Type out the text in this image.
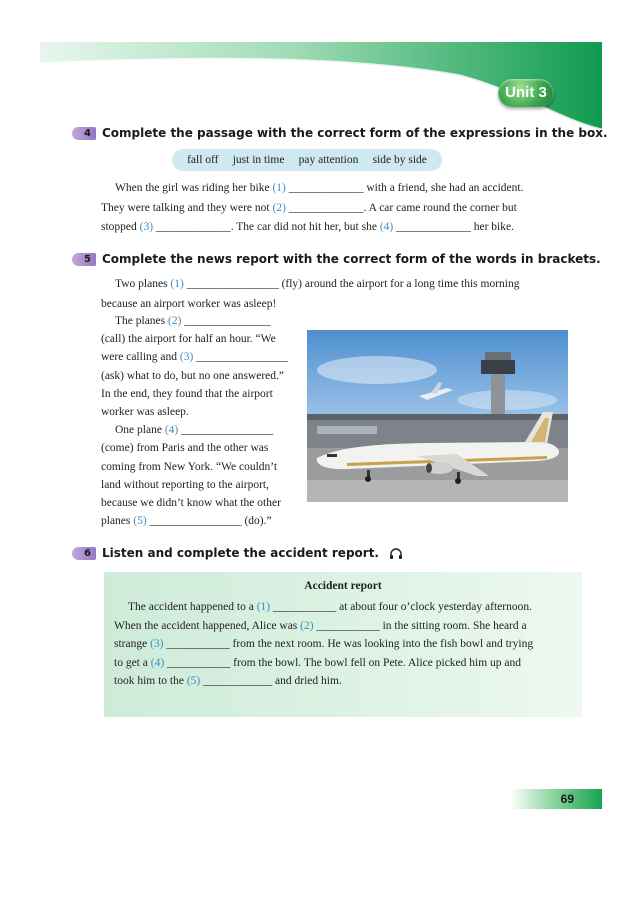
Unit 3
4 Complete the passage with the correct form of the expressions in the box.
fall off just in time pay attention side by side
When the girl was riding her bike (1) _____________ with a friend, she had an accident.
They were talking and they were not (2) _____________. A car came round the corner but
stopped (3) _____________. The car did not hit her, but she (4) _____________ her bike.
5 Complete the news report with the correct form of the words in brackets.
Two planes (1) ________________ (fly) around the airport for a long time this morning
because an airport worker was asleep!
The planes (2) _______________
(call) the airport for half an hour. “We
were calling and (3) ________________
(ask) what to do, but no one answered.”
In the end, they found that the airport
worker was asleep.
One plane (4) ________________
(come) from Paris and the other was
coming from New York. “We couldn’t
land without reporting to the airport,
because we didn’t know what the other
planes (5) ________________ (do).”
6 Listen and complete the accident report.
Accident report
The accident happened to a (1) ___________ at about four o’clock yesterday afternoon.
When the accident happened, Alice was (2) ___________ in the sitting room. She heard a
strange (3) ___________ from the next room. He was looking into the fish bowl and trying
to get a (4) ___________ from the bowl. The bowl fell on Pete. Alice picked him up and
took him to the (5) ____________ and dried him.
69
